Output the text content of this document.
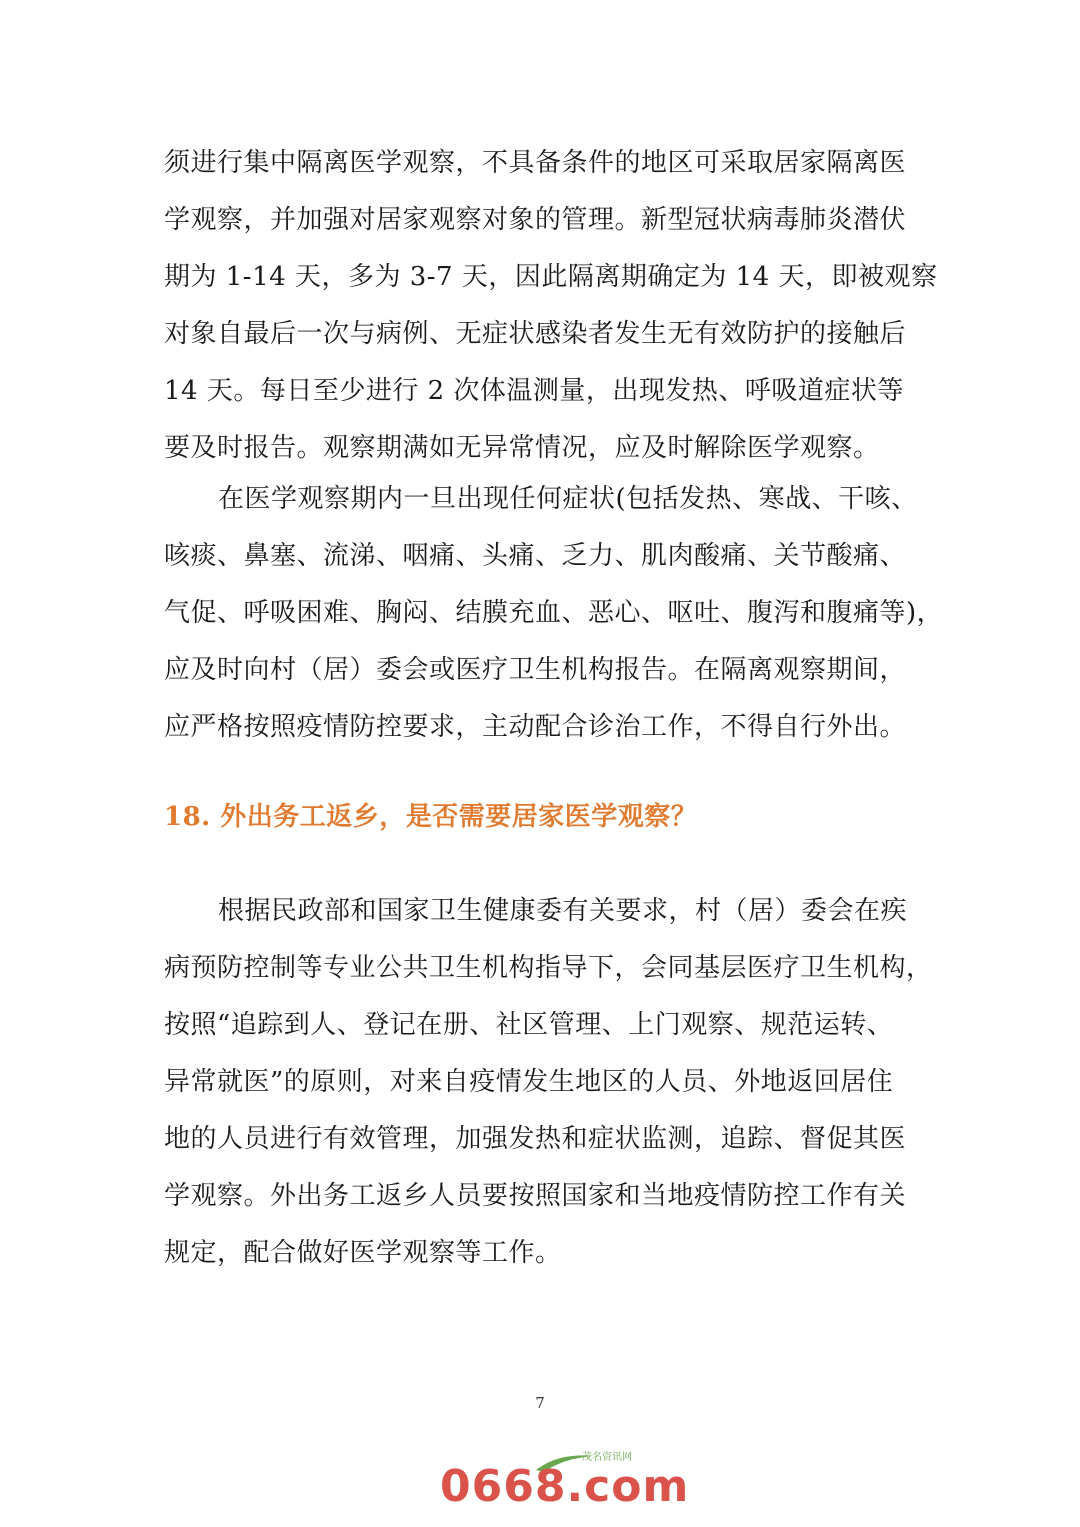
须进行集中隔离医学观察，不具备条件的地区可采取居家隔离医
学观察，并加强对居家观察对象的管理。新型冠状病毒肺炎潜伏
期为 1-14 天，多为 3-7 天，因此隔离期确定为 14 天，即被观察
对象自最后一次与病例、无症状感染者发生无有效防护的接触后
14 天。每日至少进行 2 次体温测量，出现发热、呼吸道症状等
要及时报告。观察期满如无异常情况，应及时解除医学观察。
在医学观察期内一旦出现任何症状(包括发热、寒战、干咳、
咳痰、鼻塞、流涕、咽痛、头痛、乏力、肌肉酸痛、关节酸痛、
气促、呼吸困难、胸闷、结膜充血、恶心、呕吐、腹泻和腹痛等)，
应及时向村（居）委会或医疗卫生机构报告。在隔离观察期间，
应严格按照疫情防控要求，主动配合诊治工作，不得自行外出。
18. 外出务工返乡，是否需要居家医学观察？
根据民政部和国家卫生健康委有关要求，村（居）委会在疾
病预防控制等专业公共卫生机构指导下，会同基层医疗卫生机构，
按照“追踪到人、登记在册、社区管理、上门观察、规范运转、
异常就医”的原则，对来自疫情发生地区的人员、外地返回居住
地的人员进行有效管理，加强发热和症状监测，追踪、督促其医
学观察。外出务工返乡人员要按照国家和当地疫情防控工作有关
规定，配合做好医学观察等工作。
7
茂名资讯网
0668.com
